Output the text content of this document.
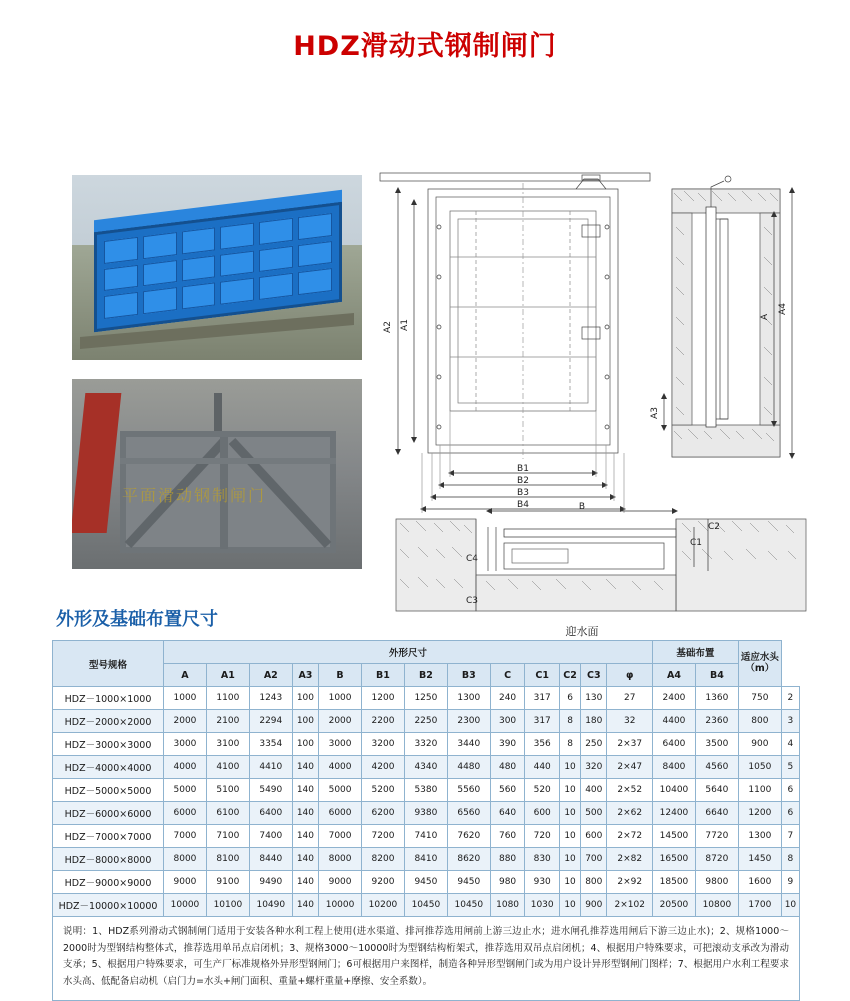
HDZ滑动式钢制闸门
平面滑动钢制闸门
A2 A1
B1
B2
B3
B4
A4
A
A3
B
C4
C3
C1
C2
迎水面
外形及基础布置尺寸
型号规格	外形尺寸													基础布置		适应水头（m）	
	A	A1	A2	A3	B	B1	B2	B3	C	C1	C2	C3	φ	A4	B4		
HDZ－1000×1000	1000	1100	1243	100	1000	1200	1250	1300	240	317	6	130	27	2400	1360	750	2
HDZ－2000×2000	2000	2100	2294	100	2000	2200	2250	2300	300	317	8	180	32	4400	2360	800	3
HDZ－3000×3000	3000	3100	3354	100	3000	3200	3320	3440	390	356	8	250	2×37	6400	3500	900	4
HDZ－4000×4000	4000	4100	4410	140	4000	4200	4340	4480	480	440	10	320	2×47	8400	4560	1050	5
HDZ－5000×5000	5000	5100	5490	140	5000	5200	5380	5560	560	520	10	400	2×52	10400	5640	1100	6
HDZ－6000×6000	6000	6100	6400	140	6000	6200	9380	6560	640	600	10	500	2×62	12400	6640	1200	6
HDZ－7000×7000	7000	7100	7400	140	7000	7200	7410	7620	760	720	10	600	2×72	14500	7720	1300	7
HDZ－8000×8000	8000	8100	8440	140	8000	8200	8410	8620	880	830	10	700	2×82	16500	8720	1450	8
HDZ－9000×9000	9000	9100	9490	140	9000	9200	9450	9450	980	930	10	800	2×92	18500	9800	1600	9
HDZ－10000×10000	10000	10100	10490	140	10000	10200	10450	10450	1080	1030	10	900	2×102	20500	10800	1700	10
说明：1、HDZ系列滑动式钢制闸门适用于安装各种水利工程上使用(进水渠道、排河推荐选用闸前上游三边止水；进水闸孔推荐选用闸后下游三边止水)；2、规格1000～2000时为型钢结构整体式，推荐选用单吊点启闭机；3、规格3000～10000时为型钢结构桁架式，推荐选用双吊点启闭机；4、根据用户特殊要求，可把滚动支承改为滑动支承；5、根据用户特殊要求，可生产厂标准规格外异形型钢闸门；6可根据用户来图样，制造各种异形型钢闸门或为用户设计异形型钢闸门图样；7、根据用户水利工程要求水头高、低配备启动机（启门力=水头+闸门面积、重量+螺杆重量+摩擦、安全系数）。
